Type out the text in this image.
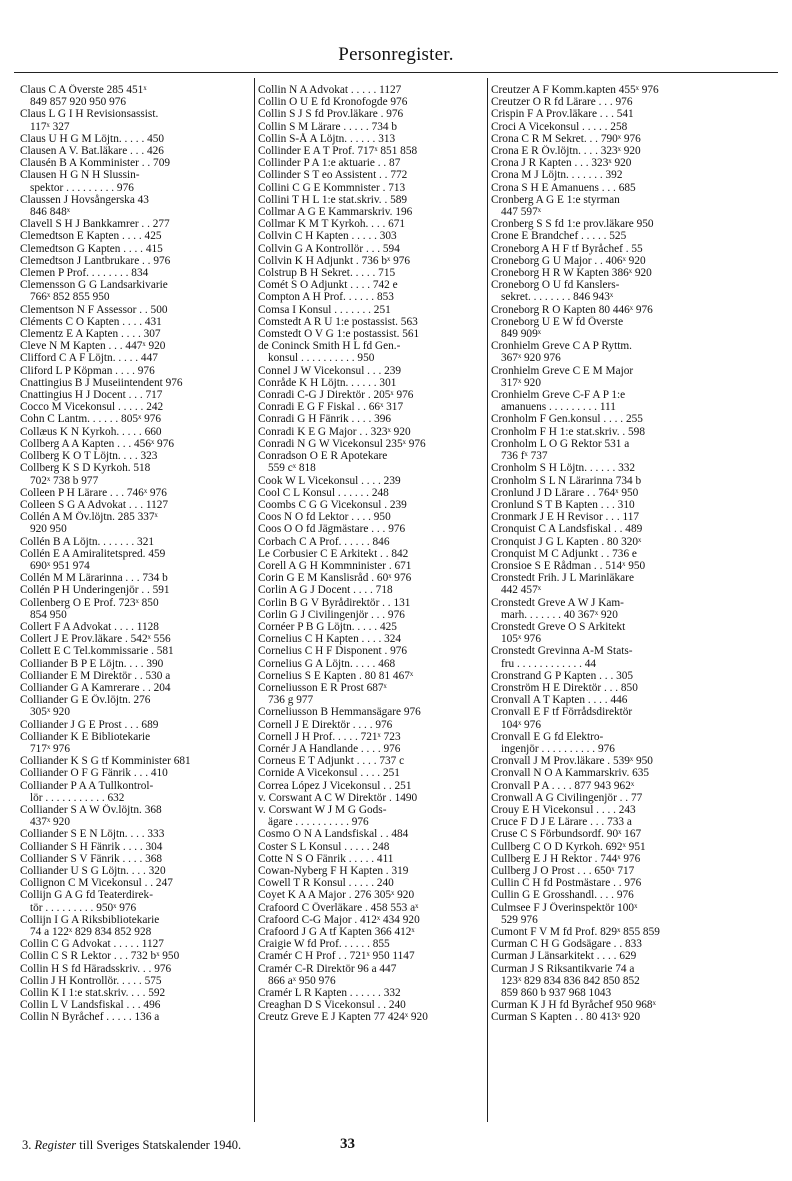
Personregister.
Claus C A Överste 285 451ˣ
849 857 920 950 976
Claus L G I H Revisionsassist.
117ˣ 327
Claus U H G M Löjtn. . . . . 450
Clausen A V. Bat.läkare . . . 426
Clausén B A Komminister . . 709
Clausen H G N H Slussin-
spektor . . . . . . . . . 976
Claussen J Hovsångerska 43
846 848ˣ
Clavell S H J Bankkamrer . . 277
Clemedtson E Kapten . . . . 425
Clemedtson G Kapten . . . . 415
Clemedtson J Lantbrukare . . 976
Clemen P Prof. . . . . . . . 834
Clemensson G G Landsarkivarie
766ˣ 852 855 950
Clementson N F Assessor . . 500
Cléments C O Kapten . . . . 431
Clementz E A Kapten . . . . 307
Cleve N M Kapten . . . 447ˣ 920
Clifford C A F Löjtn. . . . . 447
Cliford L P Köpman . . . . 976
Cnattingius B J Museiintendent 976
Cnattingius H J Docent . . . 717
Cocco M Vicekonsul . . . . . 242
Cohn C Lantm. . . . . . 805ˣ 976
Collæus K N Kyrkoh. . . . . 660
Collberg A A Kapten . . . 456ˣ 976
Collberg K O T Löjtn. . . . 323
Collberg K S D Kyrkoh. 518
702ˣ 738 b 977
Colleen P H Lärare . . . 746ˣ 976
Colleen S G A Advokat . . . 1127
Collén A M Öv.löjtn. 285 337ˣ
920 950
Collén B A Löjtn. . . . . . . 321
Collén E A Amiralitetspred. 459
690ˣ 951 974
Collén M M Lärarinna . . . 734 b
Collén P H Underingenjör . . 591
Collenberg O E Prof. 723ˣ 850
854 950
Collert F A Advokat . . . . 1128
Collert J E Prov.läkare . 542ˣ 556
Collett E C Tel.kommissarie . 581
Colliander B P E Löjtn. . . . 390
Colliander E M Direktör . . 530 a
Colliander G A Kamrerare . . 204
Colliander G E Öv.löjtn. 276
305ˣ 920
Colliander J G E Prost . . . 689
Colliander K E Bibliotekarie
717ˣ 976
Colliander K S G tf Komminister 681
Colliander O F G Fänrik . . . 410
Colliander P A A Tullkontrol-
lör . . . . . . . . . . . 632
Colliander S A W Öv.löjtn. 368
437ˣ 920
Colliander S E N Löjtn. . . . 333
Colliander S H Fänrik . . . . 304
Colliander S V Fänrik . . . . 368
Colliander U S G Löjtn. . . . 320
Collignon C M Vicekonsul . . 247
Collijn G A G fd Teaterdirek-
tör . . . . . . . . . 950ˣ 976
Collijn I G A Riksbibliotekarie
74 a 122ˣ 829 834 852 928
Collin C G Advokat . . . . . 1127
Collin C S R Lektor . . . 732 bˣ 950
Collin H S fd Häradsskriv. . . 976
Collin J H Kontrollör. . . . . 575
Collin K I 1:e stat.skriv. . . . 592
Collin L V Landsfiskal . . . 496
Collin N Byråchef . . . . . 136 a
Collin N A Advokat . . . . . 1127
Collin O U E fd Kronofogde 976
Collin S J S fd Prov.läkare . 976
Collin S M Lärare . . . . . 734 b
Collin S-Å A Löjtn. . . . . . 313
Collinder E A T Prof. 717ˣ 851 858
Collinder P A 1:e aktuarie . . 87
Collinder S T eo Assistent . . 772
Collini C G E Kommnister . 713
Collini T H L 1:e stat.skriv. . 589
Collmar A G E Kammarskriv. 196
Collmar K M T Kyrkoh. . . . 671
Collvin C H Kapten . . . . . 303
Collvin G A Kontrollör . . . 594
Collvin K H Adjunkt . 736 bˣ 976
Colstrup B H Sekret. . . . . 715
Comét S O Adjunkt . . . . 742 e
Compton A H Prof. . . . . . 853
Comsa I Konsul . . . . . . . 251
Comstedt A R U 1:e postassist. 563
Comstedt O V G 1:e postassist. 561
de Coninck Smith H L fd Gen.-
konsul . . . . . . . . . . 950
Connel J W Vicekonsul . . . 239
Conråde K H Löjtn. . . . . . 301
Conradi C-G J Direktör . 205ˣ 976
Conradi E G F Fiskal . . 66ˣ 317
Conradi G H Fänrik . . . . 396
Conradi K E G Major . . 323ˣ 920
Conradi N G W Vicekonsul 235ˣ 976
Conradson O E R Apotekare
559 cˣ 818
Cook W L Vicekonsul . . . . 239
Cool C L Konsul . . . . . . 248
Coombs C G G Vicekonsul . 239
Coos N O fd Lektor . . . . 950
Coos O O fd Jägmästare . . . 976
Corbach C A Prof. . . . . . 846
Le Corbusier C E Arkitekt . . 842
Corell A G H Kommninister . 671
Corin G E M Kanslisråd . 60ˣ 976
Corlin A G J Docent . . . . 718
Corlin B G V Byrådirektör . . 131
Corlin G J Civilingenjör . . . 976
Cornéer P B G Löjtn. . . . . 425
Cornelius C H Kapten . . . . 324
Cornelius C H F Disponent . 976
Cornelius G A Löjtn. . . . . 468
Cornelius S E Kapten . 80 81 467ˣ
Corneliusson E R Prost 687ˣ
736 g 977
Corneliusson B Hemmansägare 976
Cornell J E Direktör . . . . 976
Cornell J H Prof. . . . . 721ˣ 723
Cornér J A Handlande . . . . 976
Corneus E T Adjunkt . . . . 737 c
Cornide A Vicekonsul . . . . 251
Correa López J Vicekonsul . . 251
v. Corswant A C W Direktör . 1490
v. Corswant W J M G Gods-
ägare . . . . . . . . . . 976
Cosmo O N A Landsfiskal . . 484
Coster S L Konsul . . . . . 248
Cotte N S O Fänrik . . . . . 411
Cowan-Nyberg F H Kapten . 319
Cowell T R Konsul . . . . . 240
Coyet K A A Major . 276 305ˣ 920
Crafoord C Överläkare . 458 553 aˣ
Crafoord C-G Major . 412ˣ 434 920
Crafoord J G A tf Kapten 366 412ˣ
Craigie W fd Prof. . . . . . 855
Cramér C H Prof . . 721ˣ 950 1147
Cramér C-R Direktör 96 a 447
866 aˣ 950 976
Cramér L R Kapten . . . . . . 332
Creaghan D S Vicekonsul . . 240
Creutz Greve E J Kapten 77 424ˣ 920
Creutzer A F Komm.kapten 455ˣ 976
Creutzer O R fd Lärare . . . 976
Crispin F A Prov.läkare . . . 541
Croci A Vicekonsul . . . . . 258
Crona C R M Sekret. . . 790ˣ 976
Crona E R Öv.löjtn. . . . 323ˣ 920
Crona J R Kapten . . . 323ˣ 920
Crona M J Löjtn. . . . . . . 392
Crona S H E Amanuens . . . 685
Cronberg A G E 1:e styrman
447 597ˣ
Cronberg S S fd 1:e prov.läkare 950
Crone E Brandchef . . . . . 525
Croneborg A H F tf Byråchef . 55
Croneborg G U Major . . 406ˣ 920
Croneborg H R W Kapten 386ˣ 920
Croneborg O U fd Kanslers-
sekret. . . . . . . . 846 943ˣ
Croneborg R O Kapten 80 446ˣ 976
Croneborg U E W fd Överste
849 909ˣ
Cronhielm Greve C A P Ryttm.
367ˣ 920 976
Cronhielm Greve C E M Major
317ˣ 920
Cronhielm Greve C-F A P 1:e
amanuens . . . . . . . . . 111
Cronholm F Gen.konsul . . . . 255
Cronholm F H 1:e stat.skriv. . 598
Cronholm L O G Rektor 531 a
736 fˣ 737
Cronholm S H Löjtn. . . . . . 332
Cronholm S L N Lärarinna 734 b
Cronlund J D Lärare . . 764ˣ 950
Cronlund S T B Kapten . . . 310
Cronmark J E H Revisor . . . 117
Cronquist C A Landsfiskal . . 489
Cronquist J G L Kapten . 80 320ˣ
Cronquist M C Adjunkt . . 736 e
Cronsioe S E Rådman . . 514ˣ 950
Cronstedt Frih. J L Marinläkare
442 457ˣ
Cronstedt Greve A W J Kam-
marh. . . . . . . 40 367ˣ 920
Cronstedt Greve O S Arkitekt
105ˣ 976
Cronstedt Grevinna A-M Stats-
fru . . . . . . . . . . . . 44
Cronstrand G P Kapten . . . 305
Cronström H E Direktör . . . 850
Cronvall A T Kapten . . . . 446
Cronvall E F tf Förrådsdirektör
104ˣ 976
Cronvall E G fd Elektro-
ingenjör . . . . . . . . . . 976
Cronvall J M Prov.läkare . 539ˣ 950
Cronvall N O A Kammarskriv. 635
Cronvall P A . . . . 877 943 962ˣ
Cronwall A G Civilingenjör . . 77
Crouy E H Vicekonsul . . . . 243
Cruce F D J E Lärare . . . 733 a
Cruse C S Förbundsordf. 90ˣ 167
Cullberg C O D Kyrkoh. 692ˣ 951
Cullberg E J H Rektor . 744ˣ 976
Cullberg J O Prost . . . 650ˣ 717
Cullin C H fd Postmästare . . 976
Cullin G E Grosshandl. . . . 976
Culmsee F J Överinspektör 100ˣ
529 976
Cumont F V M fd Prof. 829ˣ 855 859
Curman C H G Godsägare . . 833
Curman J Länsarkitekt . . . . 629
Curman J S Riksantikvarie 74 a
123ˣ 829 834 836 842 850 852
859 860 b 937 968 1043
Curman K J H fd Byråchef 950 968ˣ
Curman S Kapten . . 80 413ˣ 920
3. Register till Sveriges Statskalender 1940.	33
